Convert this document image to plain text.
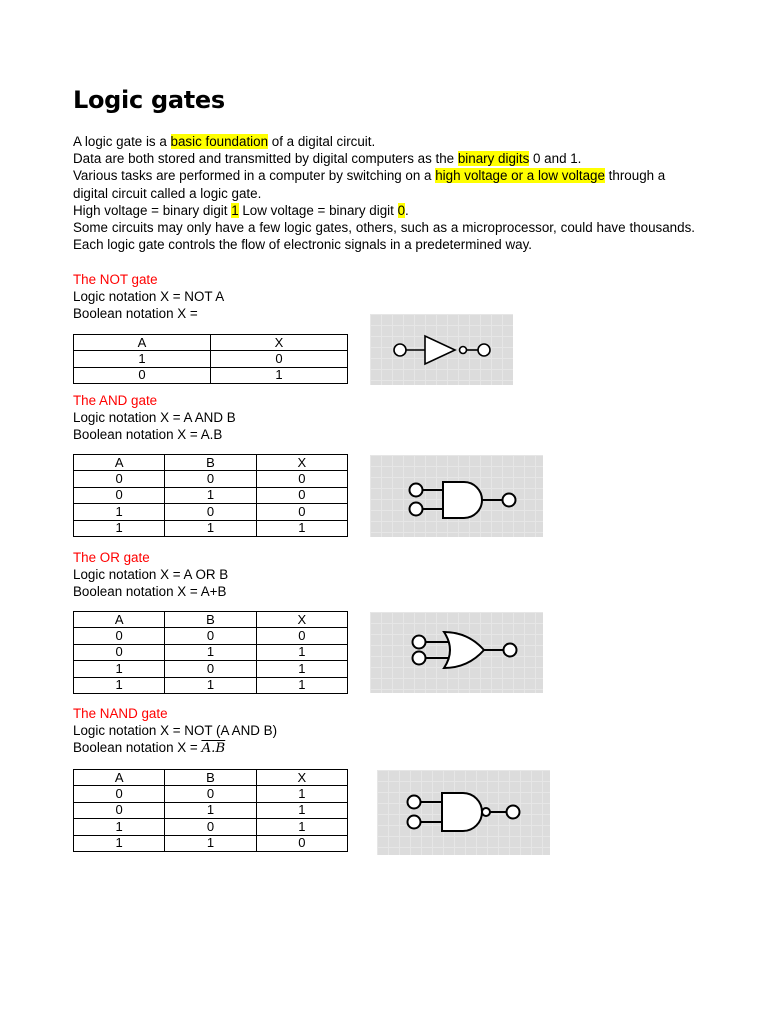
Logic gates

A logic gate is a basic foundation of a digital circuit.

Data are both stored and transmitted by digital computers as the binary digits 0 and 1.

Various tasks are performed in a computer by switching on a high voltage or a low voltage through a digital circuit called a logic gate.

High voltage = binary digit 1 Low voltage = binary digit 0.

Some circuits may only have a few logic gates, others, such as a microprocessor, could have thousands. Each logic gate controls the flow of electronic signals in a predetermined way.

The NOT gate

Logic notation X = NOT A

Boolean notation X =

A	X
1	0
0	1

The AND gate

Logic notation X = A AND B

Boolean notation X = A.B

A	B	X
0	0	0
0	1	0
1	0	0
1	1	1

The OR gate

Logic notation X = A OR B

Boolean notation X = A+B

A	B	X
0	0	0
0	1	1
1	0	1
1	1	1

The NAND gate

Logic notation X = NOT (A AND B)

Boolean notation X = A.B

A	B	X
0	0	1
0	1	1
1	0	1
1	1	0
